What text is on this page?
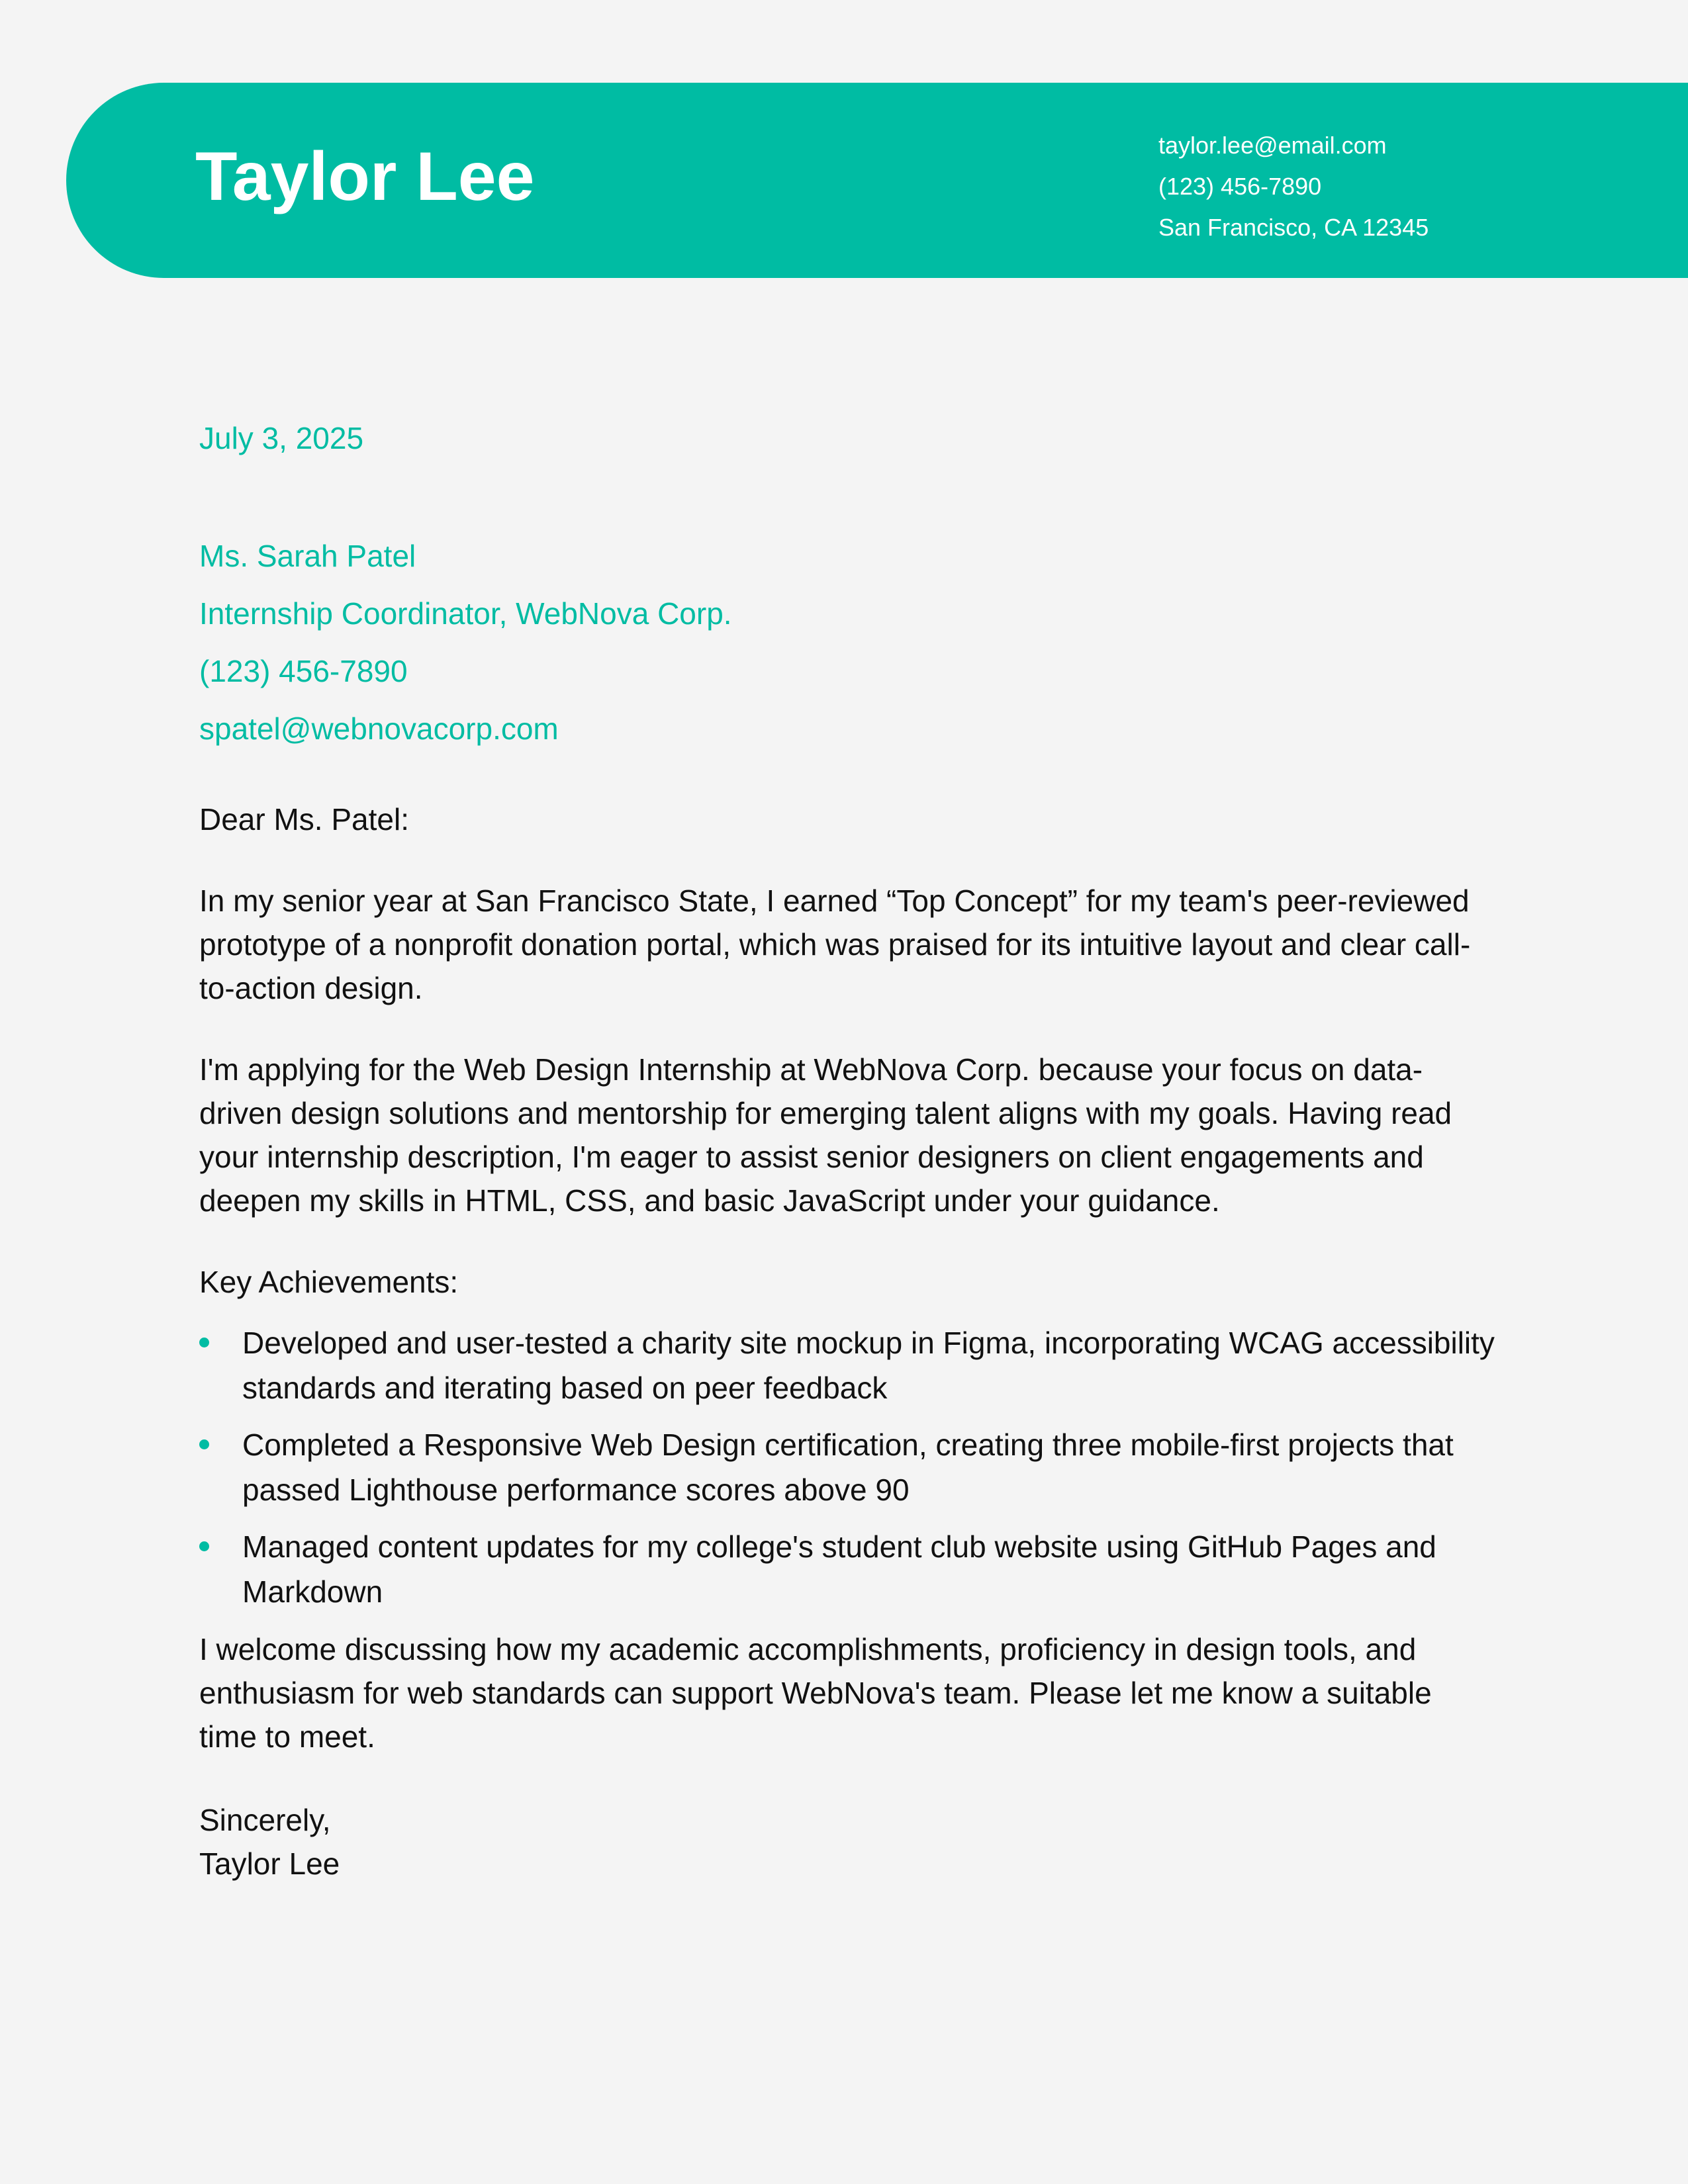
Taylor Lee	taylor.lee@email.com
(123) 456-7890
San Francisco, CA 12345

July 3, 2025

Ms. Sarah Patel
Internship Coordinator, WebNova Corp.
(123) 456-7890
spatel@webnovacorp.com
Dear Ms. Patel:
In my senior year at San Francisco State, I earned “Top Concept” for my team's peer-reviewed prototype of a nonprofit donation portal, which was praised for its intuitive layout and clear call-to-action design.
I'm applying for the Web Design Internship at WebNova Corp. because your focus on data-driven design solutions and mentorship for emerging talent aligns with my goals. Having read your internship description, I'm eager to assist senior designers on client engagements and deepen my skills in HTML, CSS, and basic JavaScript under your guidance.
Key Achievements:
Developed and user-tested a charity site mockup in Figma, incorporating WCAG accessibility standards and iterating based on peer feedback
Completed a Responsive Web Design certification, creating three mobile-first projects that passed Lighthouse performance scores above 90
Managed content updates for my college's student club website using GitHub Pages and Markdown
I welcome discussing how my academic accomplishments, proficiency in design tools, and enthusiasm for web standards can support WebNova's team. Please let me know a suitable time to meet.
Sincerely,
Taylor Lee
